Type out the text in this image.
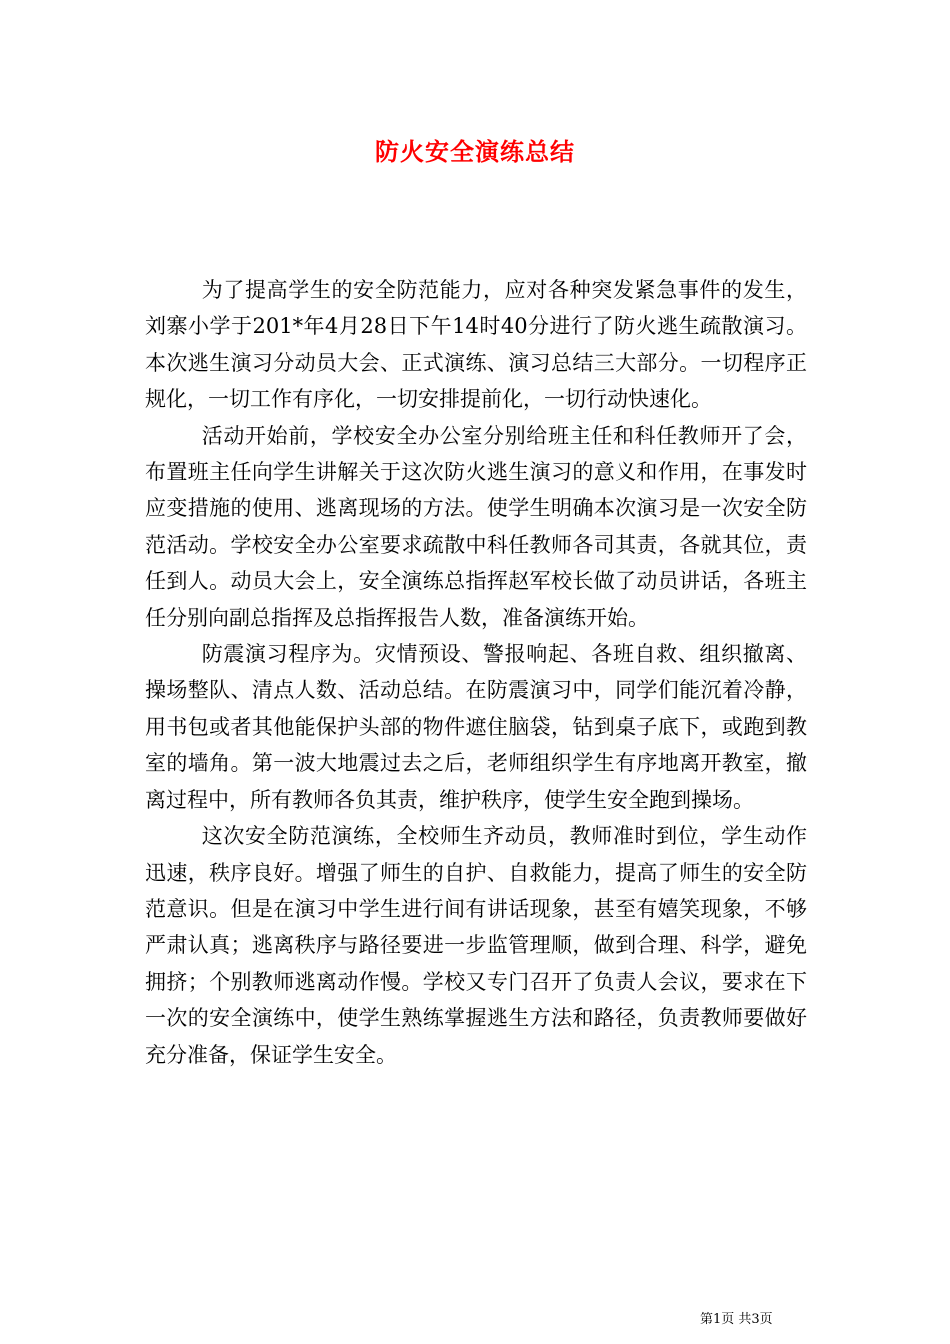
防火安全演练总结

为了提高学生的安全防范能力，应对各种突发紧急事件的发生，刘寨小学于201*年4月28日下午14时40分进行了防火逃生疏散演习。本次逃生演习分动员大会、正式演练、演习总结三大部分。一切程序正规化，一切工作有序化，一切安排提前化，一切行动快速化。

活动开始前，学校安全办公室分别给班主任和科任教师开了会，布置班主任向学生讲解关于这次防火逃生演习的意义和作用，在事发时应变措施的使用、逃离现场的方法。使学生明确本次演习是一次安全防范活动。学校安全办公室要求疏散中科任教师各司其责，各就其位，责任到人。动员大会上，安全演练总指挥赵军校长做了动员讲话，各班主任分别向副总指挥及总指挥报告人数，准备演练开始。

防震演习程序为。灾情预设、警报响起、各班自救、组织撤离、操场整队、清点人数、活动总结。在防震演习中，同学们能沉着冷静，用书包或者其他能保护头部的物件遮住脑袋，钻到桌子底下，或跑到教室的墙角。第一波大地震过去之后，老师组织学生有序地离开教室，撤离过程中，所有教师各负其责，维护秩序，使学生安全跑到操场。

这次安全防范演练，全校师生齐动员，教师准时到位，学生动作迅速，秩序良好。增强了师生的自护、自救能力，提高了师生的安全防范意识。但是在演习中学生进行间有讲话现象，甚至有嬉笑现象，不够严肃认真；逃离秩序与路径要进一步监管理顺，做到合理、科学，避免拥挤；个别教师逃离动作慢。学校又专门召开了负责人会议，要求在下一次的安全演练中，使学生熟练掌握逃生方法和路径，负责教师要做好充分准备，保证学生安全。

第1页 共3页
